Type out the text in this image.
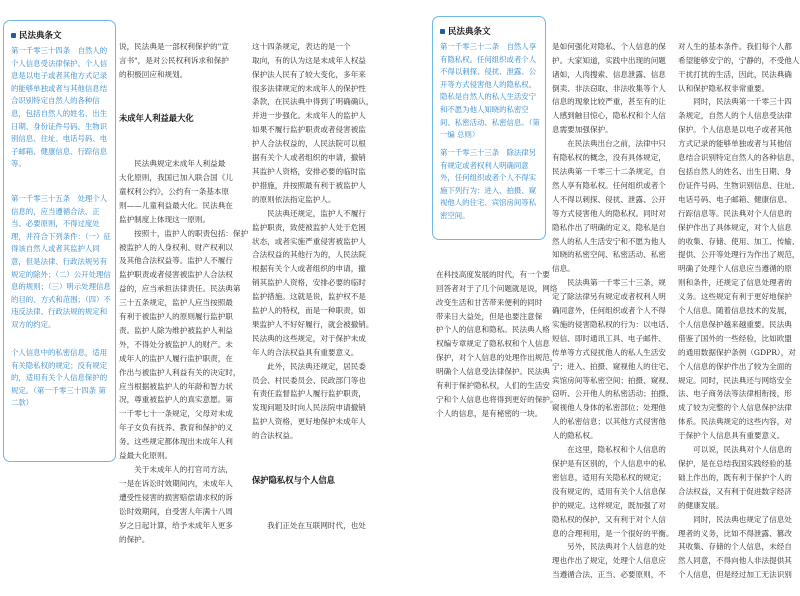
民法典条文
第一千零三十四条　自然人的个人信息受法律保护。个人信息是以电子或者其他方式记录的能够单独或者与其他信息结合识别特定自然人的各种信息，包括自然人的姓名、出生日期、身份证件号码、生物识别信息、住址、电话号码、电子邮箱、健康信息、行踪信息等。
第一千零三十五条　处理个人信息的，应当遵循合法、正当、必要原则，不得过度处理，并符合下列条件：（一）征得该自然人或者其监护人同意，但是法律、行政法规另有规定的除外；（二）公开处理信息的规则；（三）明示处理信息的目的、方式和范围；（四）不违反法律、行政法规的规定和双方的约定。
个人信息中的私密信息，适用有关隐私权的规定；没有规定的，适用有关个人信息保护的规定。（第一千零三十四条 第二款）

说，民法典是一部权利保护的"宣
言书"，是对公民权利诉求和保护
的积极回应和规划。

未成年人利益最大化

　　民法典规定未成年人利益最
大化原则，我国已加入联合国《儿
童权利公约》，公约有一条基本原
则——儿童利益最大化。民法典在
监护制度上体现这一原则。
　　按照十，监护人的职责包括：保护
被监护人的人身权利、财产权利以
及其他合法权益等。监护人不履行
监护职责或者侵害被监护人合法权
益的，应当承担法律责任。民法典第
三十五条规定，监护人应当按照最
有利于被监护人的原则履行监护职
责。监护人除为维护被监护人利益
外，不得处分被监护人的财产。未
成年人的监护人履行监护职责，在
作出与被监护人利益有关的决定时，
应当根据被监护人的年龄和智力状
况，尊重被监护人的真实意愿。第
一千零七十一条规定，父母对未成
年子女负有抚养、教育和保护的义
务。这些规定都体现出未成年人利
益最大化原则。
　　关于未成年人的打官司方法，
一是在诉讼时效期间内，未成年人
遭受性侵害的损害赔偿请求权的诉
讼时效期间，自受害人年满十八周
岁之日起计算，给予未成年人更多
的保护。

这十四条规定，表达的是一个
取向，有的认为这是未成年人权益
保护法人民有了较大变化，多年来
很多法律规定的未成年人的保护性
条款，在民法典中得到了明确确认，
并进一步强化。未成年人的监护人
如果不履行监护职责或者侵害被监
护人合法权益的，人民法院可以根
据有关个人或者组织的申请，撤销
其监护人资格，安排必要的临时监
护措施，并按照最有利于被监护人
的原则依法指定监护人。
　　民法典还规定，监护人不履行
监护职责，致使被监护人处于危困
状态，或者实施严重侵害被监护人
合法权益的其他行为的，人民法院
根据有关个人或者组织的申请，撤
销其监护人资格，安排必要的临时
监护措施。这就是说，监护权不是
监护人的特权，而是一种职责，如
果监护人不好好履行，就会被撤销。
民法典的这些规定，对于保护未成
年人的合法权益具有重要意义。
　　此外，民法典还规定，居民委
员会、村民委员会、民政部门等也
有责任监督监护人履行监护职责，
发现问题及时向人民法院申请撤销
监护人资格，更好地保护未成年人
的合法权益。

保护隐私权与个人信息

　　我们正处在互联网时代，也处

民法典条文
第一千零三十二条　自然人享有隐私权。任何组织或者个人不得以刺探、侵扰、泄露、公开等方式侵害他人的隐私权。隐私是自然人的私人生活安宁和不愿为他人知晓的私密空间、私密活动、私密信息。（第一编 总则）
第一千零三十三条　除法律另有规定或者权利人明确同意外，任何组织或者个人不得实施下列行为：进入、拍摄、窥视他人的住宅、宾馆房间等私密空间。

在科技高度发展的时代，有一个要
回答者对于了几个问题就是说，网络
改变生活和甘苦带来便利的同时
带来日大益处，但是也要注意保
护个人的信息和隐私。民法典人格
权编专章规定了隐私权和个人信息
保护，对个人信息的处理作出规范，
明确个人信息受法律保护。民法典
有利于保护隐私权，人们的生活安
宁和个人信息也将得到更好的保护。
个人的信息，是有秘密的一块。

是如何强化对隐私、个人信息的保
护。大家知道，实践中出现的问题
诸如，人肉搜索、信息泄露、信息
倒卖、非法窃取、非法收集等个人
信息的现象比较严重，甚至有的让
人感到触目惊心，隐私权和个人信
息需要加强保护。
　　在民法典出台之前，法律中只
有隐私权的概念，没有具体规定，
民法典第一千零三十二条规定，自
然人享有隐私权。任何组织或者个
人不得以刺探、侵扰、泄露、公开
等方式侵害他人的隐私权。同时对
隐私作出了明确的定义，隐私是自
然人的私人生活安宁和不愿为他人
知晓的私密空间、私密活动、私密
信息。
　　民法典第一千零三十三条，规
定了除法律另有规定或者权利人明
确同意外，任何组织或者个人不得
实施的侵害隐私权的行为：以电话、
短信、即时通讯工具、电子邮件、
传单等方式侵扰他人的私人生活安
宁；进入、拍摄、窥视他人的住宅、
宾馆房间等私密空间；拍摄、窥视、
窃听、公开他人的私密活动；拍摄、
窥视他人身体的私密部位；处理他
人的私密信息；以其他方式侵害他
人的隐私权。
　　在这里，隐私权和个人信息的
保护是有区别的，个人信息中的私
密信息，适用有关隐私权的规定；
没有规定的，适用有关个人信息保
护的规定。这样规定，既加强了对
隐私权的保护，又有利于对个人信
息的合理利用，是一个很好的平衡。
　　另外，民法典对个人信息的处
理也作出了规定，处理个人信息应
当遵循合法、正当、必要原则，不

对人生的基本条件。我们每个人都
希望能够安宁的，宁静的，不受他人
干扰打扰的生活，因此，民法典确
认和保护隐私权非常重要。
　　同时，民法典第一千零三十四
条规定，自然人的个人信息受法律
保护。个人信息是以电子或者其他
方式记录的能够单独或者与其他信
息结合识别特定自然人的各种信息，
包括自然人的姓名、出生日期、身
份证件号码、生物识别信息、住址、
电话号码、电子邮箱、健康信息、
行踪信息等。民法典对个人信息的
保护作出了具体规定，对个人信息
的收集、存储、使用、加工、传输、
提供、公开等处理行为作出了规范，
明确了处理个人信息应当遵循的原
则和条件，还规定了信息处理者的
义务。这些规定有利于更好地保护
个人信息。随着信息技术的发展，
个人信息保护越来越重要。民法典
借鉴了国外的一些经验，比如欧盟
的通用数据保护条例（GDPR），对
个人信息的保护作出了较为全面的
规定。同时，民法典还与网络安全
法、电子商务法等法律相衔接，形
成了较为完整的个人信息保护法律
体系。民法典规定的这些内容，对
于保护个人信息具有重要意义。
　　可以说，民法典对个人信息的
保护，是在总结我国实践经验的基
础上作出的，既有利于保护个人的
合法权益，又有利于促进数字经济
的健康发展。
　　同时，民法典也规定了信息处
理者的义务，比如不得泄露、篡改
其收集、存储的个人信息，未经自
然人同意，不得向他人非法提供其
个人信息，但是经过加工无法识别
